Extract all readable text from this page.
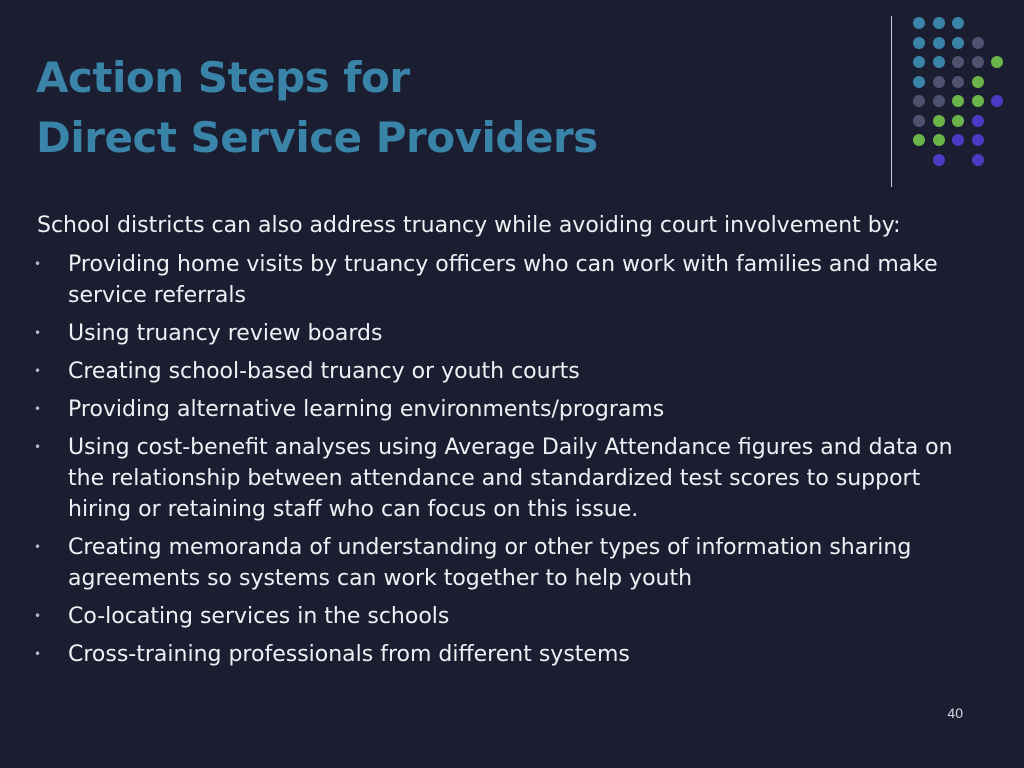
Action Steps for
Direct Service Providers

School districts can also address truancy while avoiding court involvement by:

• Providing home visits by truancy officers who can work with families and make service referrals
• Using truancy review boards
• Creating school-based truancy or youth courts
• Providing alternative learning environments/programs
• Using cost-benefit analyses using Average Daily Attendance figures and data on the relationship between attendance and standardized test scores to support hiring or retaining staff who can focus on this issue.
• Creating memoranda of understanding or other types of information sharing agreements so systems can work together to help youth
• Co-locating services in the schools
• Cross-training professionals from different systems
40
